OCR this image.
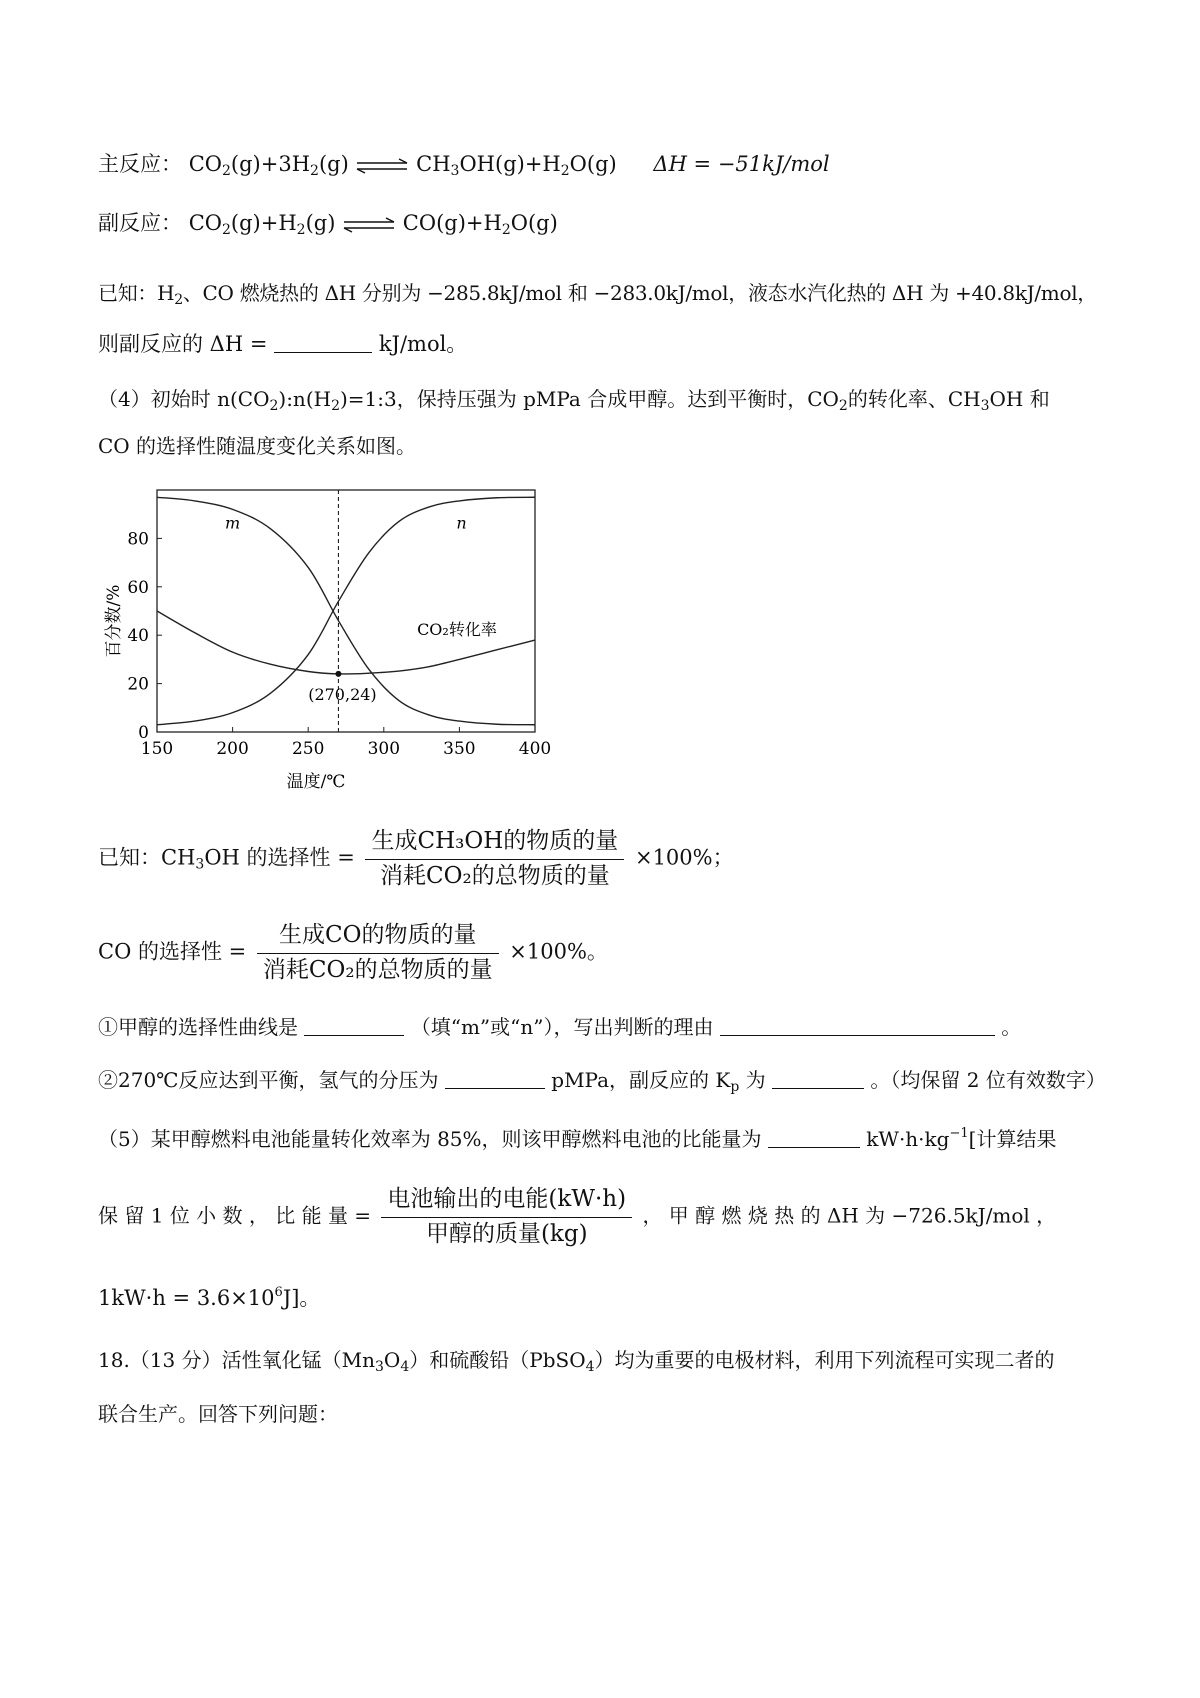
主反应： $CO_2(g)+3H_2(g)$ ⇌ $CH_3OH(g)+H_2O(g) \Delta H = -51kJ/mol$
副反应： $CO_2(g)+H_2(g)$ ⇌ $CO(g)+H_2O(g)$
已知：$H_2$、CO 燃烧热的 ΔH 分别为 −285.8kJ/mol 和 −283.0kJ/mol，液态水汽化热的 ΔH 为 +40.8kJ/mol，
则副反应的 ΔH =	kJ/mol。
（4）初始时 $n(CO_2):n(H_2)=1:3$，保持压强为 pMPa 合成甲醇。达到平衡时，$CO_2$的转化率、$CH_3OH$ 和
CO 的选择性随温度变化关系如图。
150	200	250	300	350	400
0
20
40
60
80
温度/℃
百分数/%
(270,24)
m	n
CO₂转化率
已知：$CH_3OH$ 的选择性 = $\frac{\text{生成CH₃OH的物质的量}}{\text{消耗CO₂的总物质的量}} \times 100\%$；
CO 的选择性 = $\frac{\text{生成CO的物质的量}}{\text{消耗CO₂的总物质的量}} \times 100\%$。
①甲醇的选择性曲线是	（填“m”或“n”），写出判断的理由	。
②270℃反应达到平衡，氢气的分压为	pMPa，副反应的 $K_p$ 为	。（均保留 2 位有效数字）
（5）某甲醇燃料电池能量转化效率为 85%，则该甲醇燃料电池的比能量为	$kW\cdot h\cdot kg^{-1}$[计算结果
保 留 1 位 小 数 ， 比 能 量 = $\frac{\text{电池输出的电能(kW·h)}}{\text{甲醇的质量(kg)}}$ ， 甲 醇 燃 烧 热 的 ΔH 为 −726.5kJ/mol ，
$1kW\cdot h = 3.6\times 10^6J$]。
18.（13 分）活性氧化锰$(Mn_3O_4)$和硫酸铅（PbSO$_4$）均为重要的电极材料，利用下列流程可实现二者的
联合生产。回答下列问题：
